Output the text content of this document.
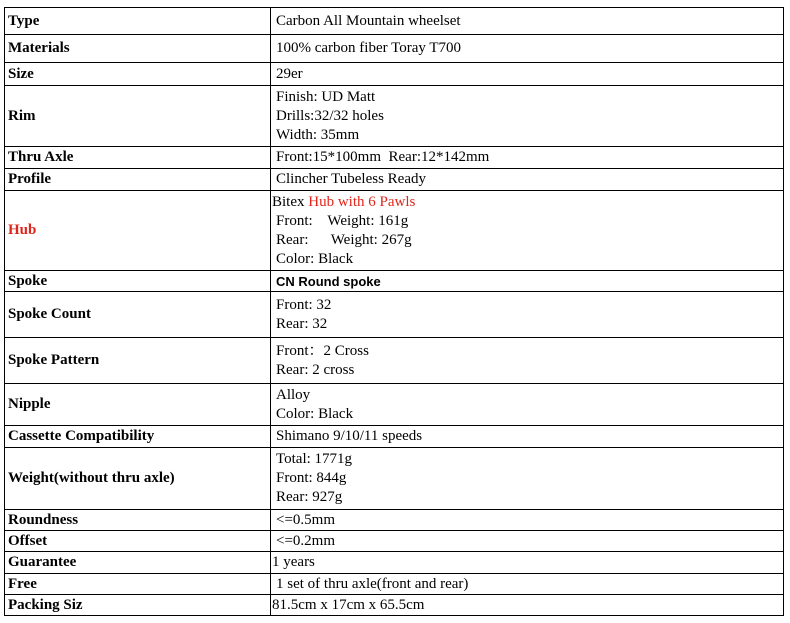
Type	Carbon All Mountain wheelset
Materials	100% carbon fiber Toray T700
Size	29er
Rim	Finish: UD Matt
Drills:32/32 holes
Width: 35mm

Thru Axle	Front:15*100mm  Rear:12*142mm
Profile	Clincher Tubeless Ready
Hub	Bitex Hub with 6 Pawls
Front:    Weight: 161g
Rear:      Weight: 267g
Color: Black

Spoke	CN Round spoke
Spoke Count	Front: 32
Rear: 32

Spoke Pattern	Front：2 Cross
Rear: 2 cross

Nipple	Alloy
Color: Black

Cassette Compatibility	Shimano 9/10/11 speeds
Weight(without thru axle)	Total: 1771g
Front: 844g
Rear: 927g

Roundness	<=0.5mm
Offset	<=0.2mm
Guarantee	1 years
Free	1 set of thru axle(front and rear)
Packing Siz	81.5cm x 17cm x 65.5cm
